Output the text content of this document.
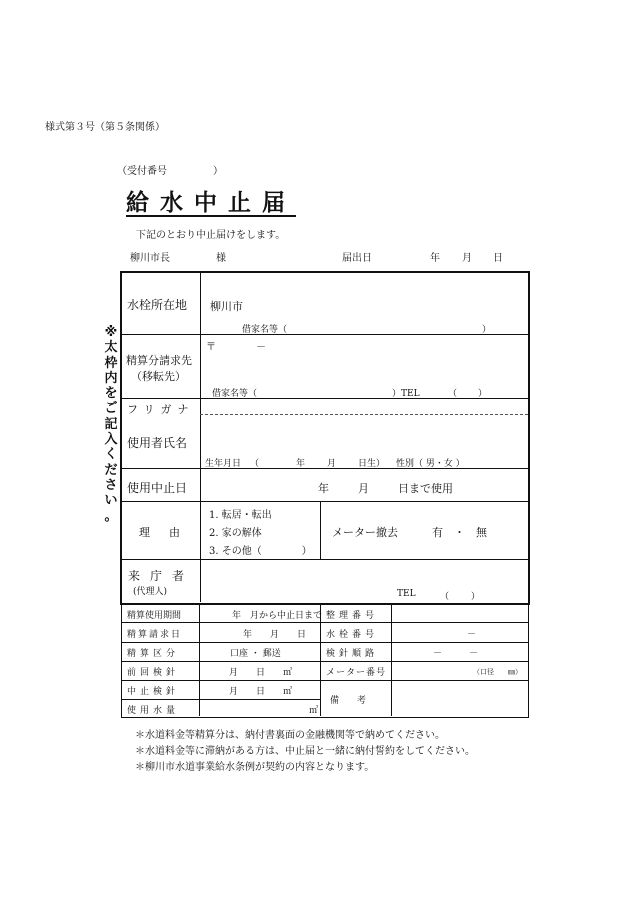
様式第３号（第５条関係）
（受付番号	）
給水中止届
下記のとおり中止届けをします。
柳川市長	様	届出日	年 月 日
※
太
枠
内
を
ご
記
入
く
だ
さ
い
。
水栓所在地 柳川市
借家名等（	）
精算分請求先
（移転先）
〒	－
借家名等（	）TEL	（ ）
フリガナ
使用者氏名
生年月日 （	年 月 日生） 性別（ 男・女 ）
使用中止日	年	月	日まで使用
理　由
1. 転居・転出
2. 家の解体
3. その他（　　　　）
メーター撤去	有　・　無
来庁者
(代理人)	TEL	（ ）
精算使用期間	年　月から中止日まで 整理番号
精算請求日	年　　月　　日 水栓番号	－
精算区分	口座 ・ 郵送	検針順路	－　　　－
前回検針	月　　日　　㎥	メーター番号	（口径　　㎜）
中止検針	月　　日　　㎥
備考
使用水量	㎥
＊水道料金等精算分は、納付書裏面の金融機関等で納めてください。
＊水道料金等に滞納がある方は、中止届と一緒に納付誓約をしてください。
＊柳川市水道事業給水条例が契約の内容となります。
